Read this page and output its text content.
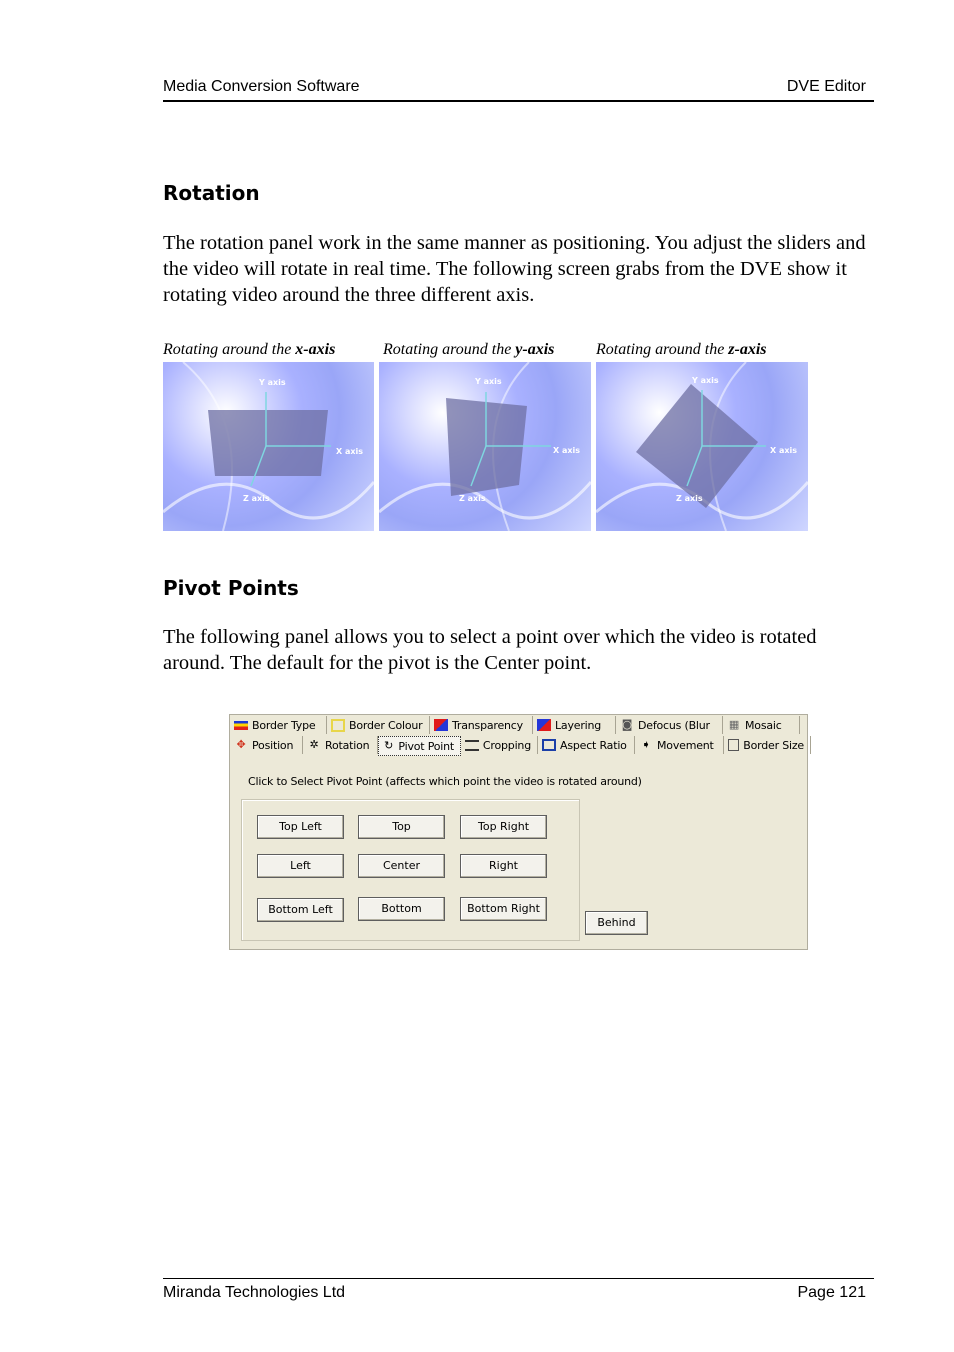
Media Conversion Software	DVE Editor
Rotation

The rotation panel work in the same manner as positioning. You adjust the sliders and the video will rotate in real time. The following screen grabs from the DVE show it rotating video around the three different axis.

Rotating around the x-axis	Rotating around the y-axis	Rotating around the z-axis
Y axis
X axis
Z axis
Y axis
X axis
Z axis
Y axis
X axis
Z axis
Pivot Points

The following panel allows you to select a point over which the video is rotated around. The default for the pivot is the Center point.

Border Type	Border Colour	Transparency	Layering ◙ Defocus (Blur ▦ Mosaic
✥ Position ✲ Rotation ↻ Pivot Point	Cropping	Aspect Ratio ➧ Movement	Border Size
Click to Select Pivot Point (affects which point the video is rotated around)
Top Left	Top	Top Right
Left	Center	Right
Bottom Left	Bottom	Bottom Right
Behind
Miranda Technologies Ltd	Page 121
